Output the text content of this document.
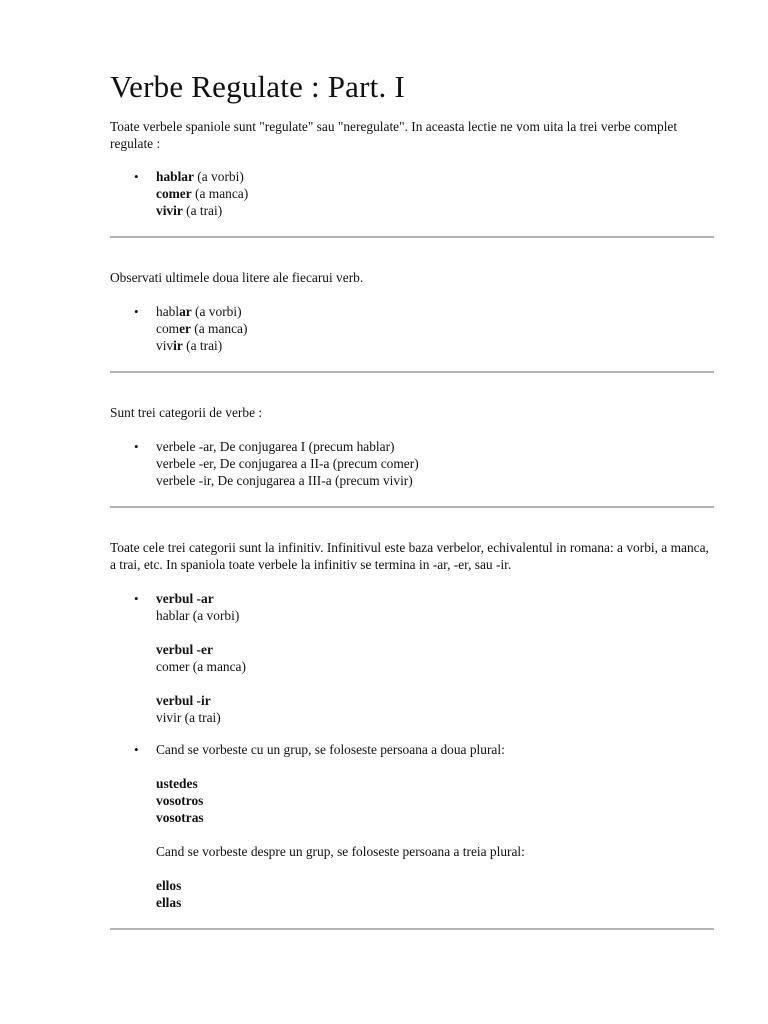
Verbe Regulate : Part. I

Toate verbele spaniole sunt "regulate" sau "neregulate". In aceasta lectie ne vom uita la trei verbe complet regulate :

• hablar (a vorbi)
comer (a manca)
vivir (a trai)

Observati ultimele doua litere ale fiecarui verb.

• hablar (a vorbi)
comer (a manca)
vivir (a trai)

Sunt trei categorii de verbe :

• verbele -ar, De conjugarea I (precum hablar)
verbele -er, De conjugarea a II-a (precum comer)
verbele -ir, De conjugarea a III-a (precum vivir)

Toate cele trei categorii sunt la infinitiv. Infinitivul este baza verbelor, echivalentul in romana: a vorbi, a manca, a trai, etc. In spaniola toate verbele la infinitiv se termina in -ar, -er, sau -ir.

• verbul -ar
hablar (a vorbi)
verbul -er
comer (a manca)
verbul -ir
vivir (a trai)
• Cand se vorbeste cu un grup, se foloseste persoana a doua plural:
ustedes
vosotros
vosotras
Cand se vorbeste despre un grup, se foloseste persoana a treia plural:
ellos
ellas
